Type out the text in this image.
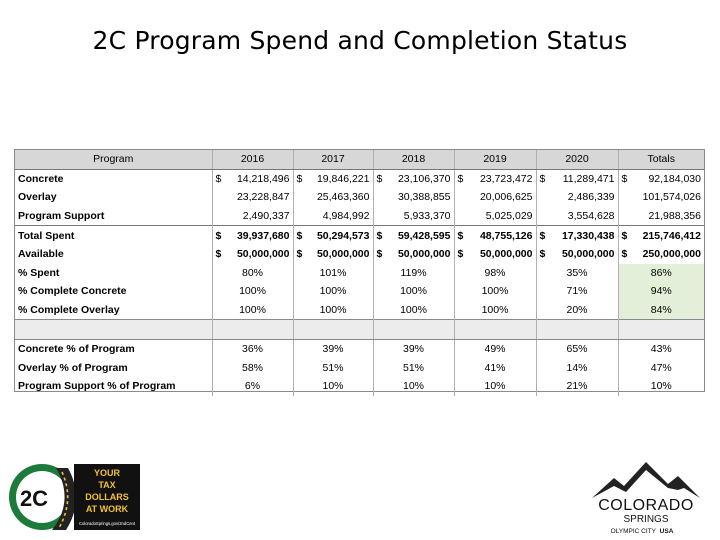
2C Program Spend and Completion Status
Program	2016	2017	2018	2019	2020	Totals
Concrete	$ 14,218,496	$ 19,846,221	$ 23,106,370	$ 23,723,472	$ 11,289,471	$ 92,184,030

Overlay	23,228,847	25,463,360	30,388,855	20,006,625	2,486,339	101,574,026
Program Support	2,490,337	4,984,992	5,933,370	5,025,029	3,554,628	21,988,356
Total Spent	$ 39,937,680	$ 50,294,573	$ 59,428,595	$ 48,755,126	$ 17,330,438	$ 215,746,412

Available	$ 50,000,000	$ 50,000,000	$ 50,000,000	$ 50,000,000	$ 50,000,000	$ 250,000,000

% Spent	80%	101%	119%	98%	35%	86%
% Complete Concrete	100%	100%	100%	100%	71%	94%
% Complete Overlay	100%	100%	100%	100%	20%	84%

Concrete % of Program	36%	39%	39%	49%	65%	43%
Overlay % of Program	58%	51%	51%	41%	14%	47%
Program Support % of Program	6%	10%	10%	10%	21%	10%
2C
YOUR
TAX
DOLLARS
AT WORK
ColoradoSprings.gov/2ndCent
COLORADO
SPRINGS
OLYMPIC CITY USA
